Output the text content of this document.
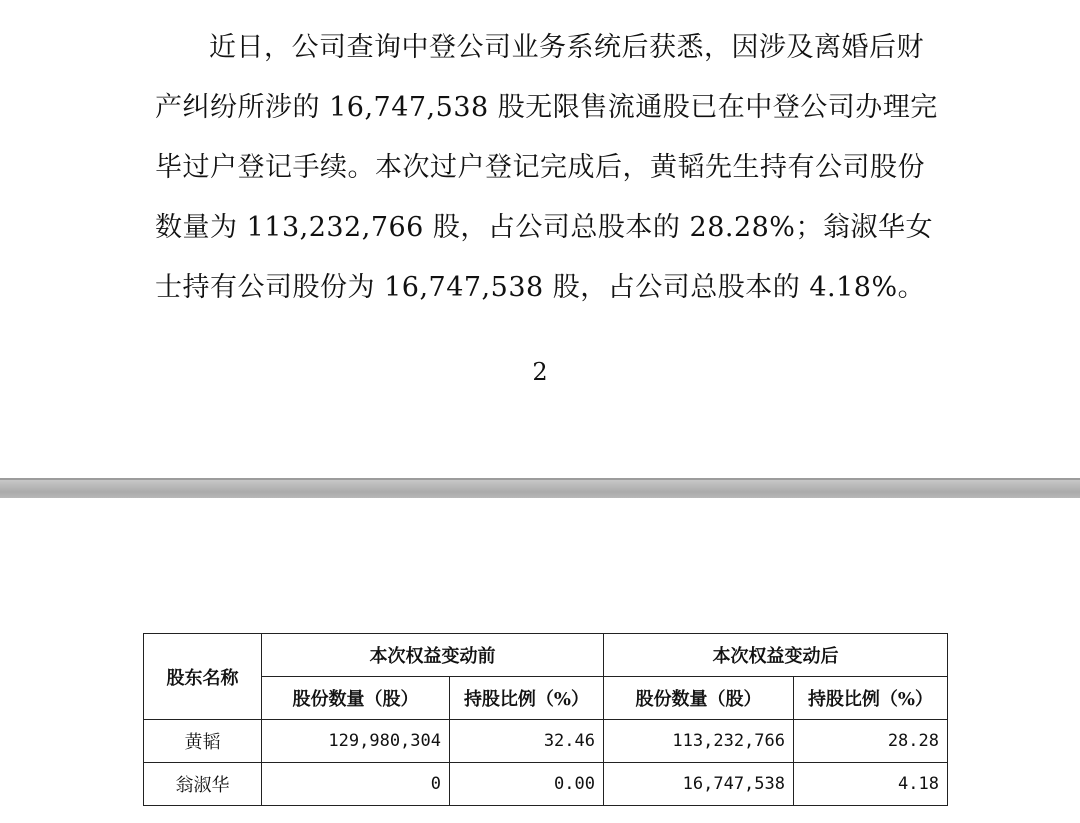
近日，公司查询中登公司业务系统后获悉，因涉及离婚后财产纠纷所涉的 16,747,538 股无限售流通股已在中登公司办理完毕过户登记手续。本次过户登记完成后，黄韬先生持有公司股份数量为 113,232,766 股，占公司总股本的 28.28%；翁淑华女士持有公司股份为 16,747,538 股，占公司总股本的 4.18%。

2
股东名称	本次权益变动前		本次权益变动后	
	股份数量（股）	持股比例（%）	股份数量（股）	持股比例（%）
黄韬	129,980,304	32.46	113,232,766	28.28
翁淑华	0	0.00	16,747,538	4.18
